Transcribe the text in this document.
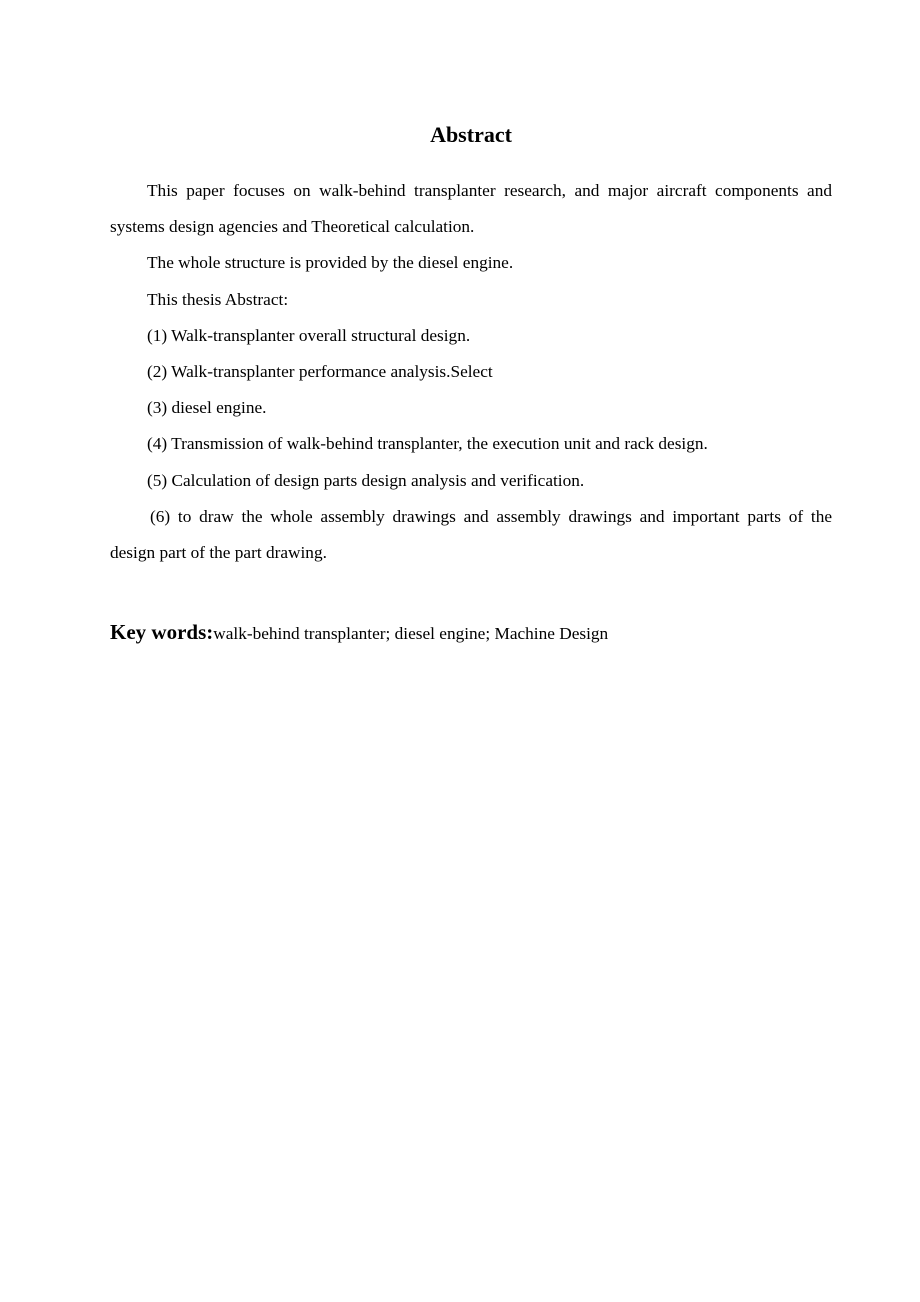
Abstract

This paper focuses on walk-behind transplanter research, and major aircraft components and systems design agencies and Theoretical calculation.

The whole structure is provided by the diesel engine.

This thesis Abstract:

(1) Walk-transplanter overall structural design.

(2) Walk-transplanter performance analysis.Select

(3) diesel engine.

(4) Transmission of walk-behind transplanter, the execution unit and rack design.

(5) Calculation of design parts design analysis and verification.

(6) to draw the whole assembly drawings and assembly drawings and important parts of the design part of the part drawing.

Key words:walk-behind transplanter; diesel engine; Machine Design
